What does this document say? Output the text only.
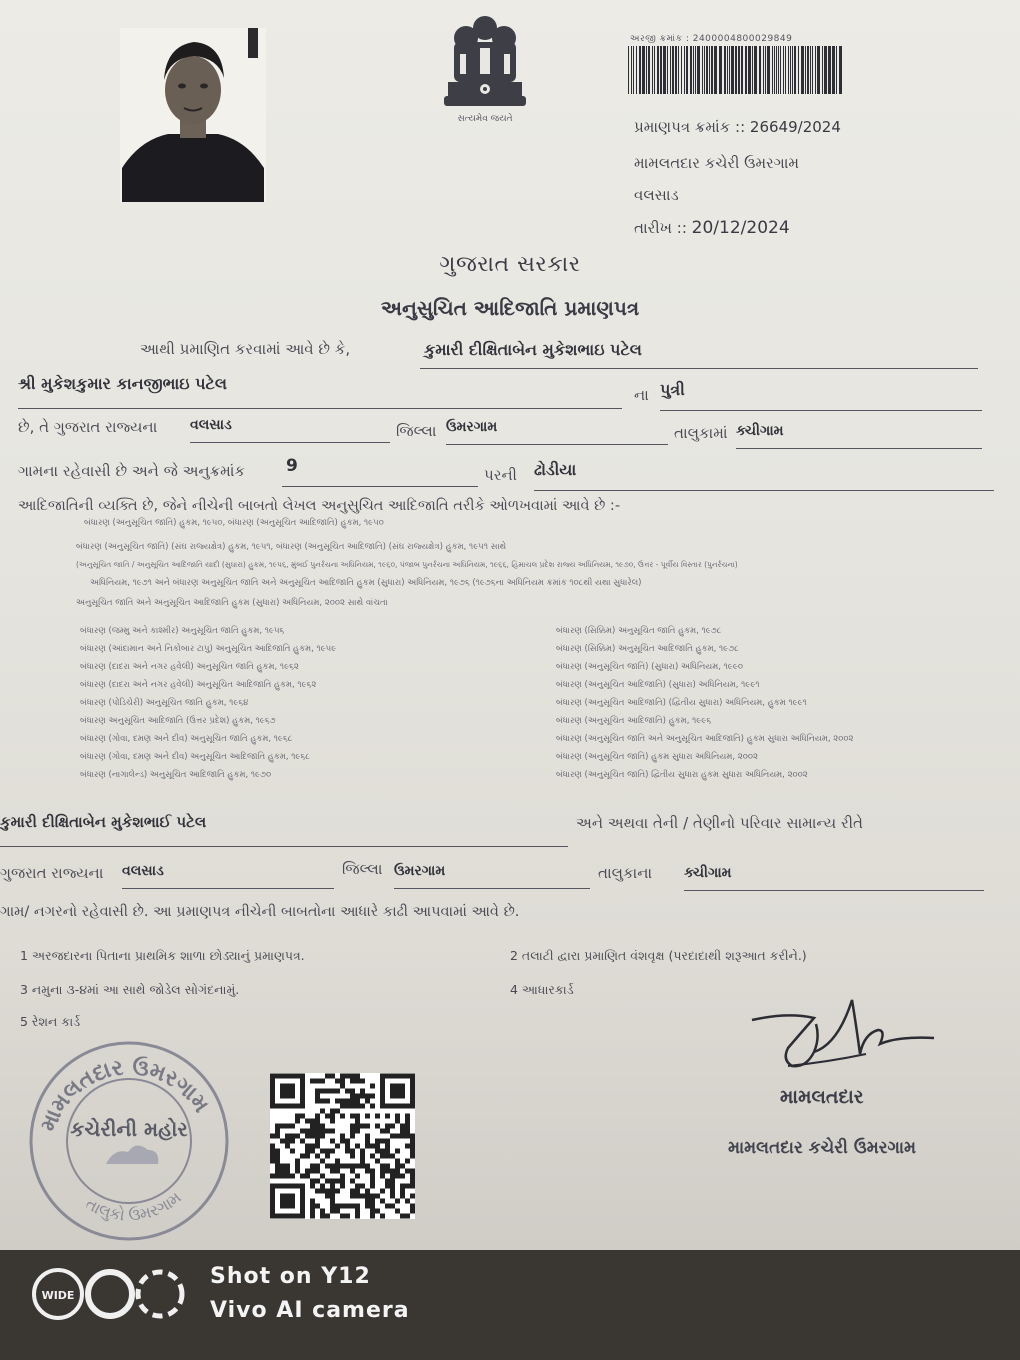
સત્યમેવ જયતે
અરજી ક્રમાંક : 2400004800029849
પ્રમાણપત્ર ક્રમાંક :: 26649/2024
મામલતદાર કચેરી ઉમરગામ
વલસાડ
તારીખ :: 20/12/2024
ગુજરાત સરકાર
અનુસુચિત આદિજાતિ પ્રમાણપત્ર
આથી પ્રમાણિત કરવામાં આવે છે કે,	કુમારી દીક્ષિતાબેન મુકેશભાઇ પટેલ
શ્રી મુકેશકુમાર કાનજીભાઇ પટેલ
ના પુત્રી
છે, તે ગુજરાત રાજ્યના વલસાડ	જિલ્લા ઉમરગામ	તાલુકામાં ક્ચીગામ
ગામના રહેવાસી છે અને જે અનુક્રમાંક 9	પરની ઢોડીયા
આદિજાતિની વ્યક્તિ છે, જેને નીચેની બાબતો લેખલ અનુસુચિત આદિજાતિ તરીકે ઓળખવામાં આવે છે :-
બંધારણ (અનુસૂચિત જાતિ) હુકમ, ૧૯૫૦, બંધારણ (અનુસૂચિત આદિજાતિ) હુકમ, ૧૯૫૦
બંધારણ (અનુસૂચિત જાતિ) (સંઘ રાજ્યક્ષેત્ર) હુકમ, ૧૯૫૧, બંધારણ (અનુસૂચિત આદિજાતિ) (સંઘ રાજ્યક્ષેત્ર) હુકમ, ૧૯૫૧ સાથે
(અનુસૂચિત જાતિ / અનુસૂચિત આદિજાતિ યાદી (સુધારા) હુકમ, ૧૯૫૬, મુંબઈ પુનર્રચના અધિનિયમ, ૧૯૬૦, પંજાબ પુનર્રચના અધિનિયમ, ૧૯૬૬, હિમાચલ પ્રદેશ રાજ્ય અધિનિયમ, ૧૯૭૦, ઉત્તર - પૂર્વીય વિસ્તાર (પુનર્રચના)
અધિનિયમ, ૧૯૭૧ અને બંધારણ અનુસૂચિત જાતિ અને અનુસૂચિત આદિજાતિ હુકમ (સુધારા) અધિનિયમ, ૧૯૭૬ (૧૯૭૬ના અધિનિયમ ક્રમાંક ૧૦૮થી યથા સુધારેલ)
અનુસૂચિત જાતિ અને અનુસૂચિત આદિજાતિ હુકમ (સુધારા) અધિનિયમ, ૨૦૦૨ સાથે વાંચતા
બંધારણ (જમ્મુ અને કાશ્મીર) અનુસૂચિત જાતિ હુકમ, ૧૯૫૬
બંધારણ (આંદામાન અને નિકોબાર ટાપુ) અનુસૂચિત આદિજાતિ હુકમ, ૧૯૫૯
બંધારણ (દાદરા અને નગર હવેલી) અનુસૂચિત જાતિ હુકમ, ૧૯૬૨
બંધારણ (દાદરા અને નગર હવેલી) અનુસૂચિત આદિજાતિ હુકમ, ૧૯૬૨
બંધારણ (પોંડિચેરી) અનુસૂચિત જાતિ હુકમ, ૧૯૬૪
બંધારણ અનુસૂચિત આદિજાતિ (ઉત્તર પ્રદેશ) હુકમ, ૧૯૬૭
બંધારણ (ગોવા, દમણ અને દીવ) અનુસૂચિત જાતિ હુકમ, ૧૯૬૮
બંધારણ (ગોવા, દમણ અને દીવ) અનુસૂચિત આદિજાતિ હુકમ, ૧૯૬૮
બંધારણ (નાગાલેન્ડ) અનુસૂચિત આદિજાતિ હુકમ, ૧૯૭૦
બંધારણ (સિક્કિમ) અનુસૂચિત જાતિ હુકમ, ૧૯૭૮
બંધારણ (સિક્કિમ) અનુસૂચિત આદિજાતિ હુકમ, ૧૯૭૮
બંધારણ (અનુસૂચિત જાતિ) (સુધારા) અધિનિયમ, ૧૯૯૦
બંધારણ (અનુસૂચિત આદિજાતિ) (સુધારા) અધિનિયમ, ૧૯૯૧
બંધારણ (અનુસૂચિત આદિજાતિ) (દ્વિતીય સુધારા) અધિનિયમ, હુકમ ૧૯૯૧
બંધારણ (અનુસૂચિત આદિજાતિ) હુકમ, ૧૯૯૬
બંધારણ (અનુસૂચિત જાતિ અને અનુસૂચિત આદિજાતિ) હુકમ સુધારા અધિનિયમ, ૨૦૦૨
બંધારણ (અનુસૂચિત જાતિ) હુકમ સુધારા અધિનિયમ, ૨૦૦૨
બંધારણ (અનુસૂચિત જાતિ) દ્વિતીય સુધારા હુકમ સુધારા અધિનિયમ, ૨૦૦૨
કુમારી દીક્ષિતાબેન મુકેશભાઈ પટેલ	અને અથવા તેની / તેણીનો પરિવાર સામાન્ય રીતે
ગુજરાત રાજ્યના વલસાડ	જિલ્લા ઉમરગામ	તાલુકાના ક્ચીગામ
ગામ/ નગરનો રહેવાસી છે. આ પ્રમાણપત્ર નીચેની બાબતોના આધારે કાઢી આપવામાં આવે છે.
1 અરજદારના પિતાના પ્રાથમિક શાળા છોડ્યાનું પ્રમાણપત્ર.	2 તલાટી દ્વારા પ્રમાણિત વંશવૃક્ષ (પરદાદાથી શરૂઆત કરીને.)
3 નમુના ૩-૪માં આ સાથે જોડેલ સોગંદનામું.	4 આધારકાર્ડ
5 રેશન કાર્ડ
મામલતદાર ઉમરગામ
કચેરીની મહોર
તાલુકો ઉમરગામ
મામલતદાર
મામલતદાર કચેરી ઉમરગામ
WIDE
Shot on Y12
Vivo AI camera
